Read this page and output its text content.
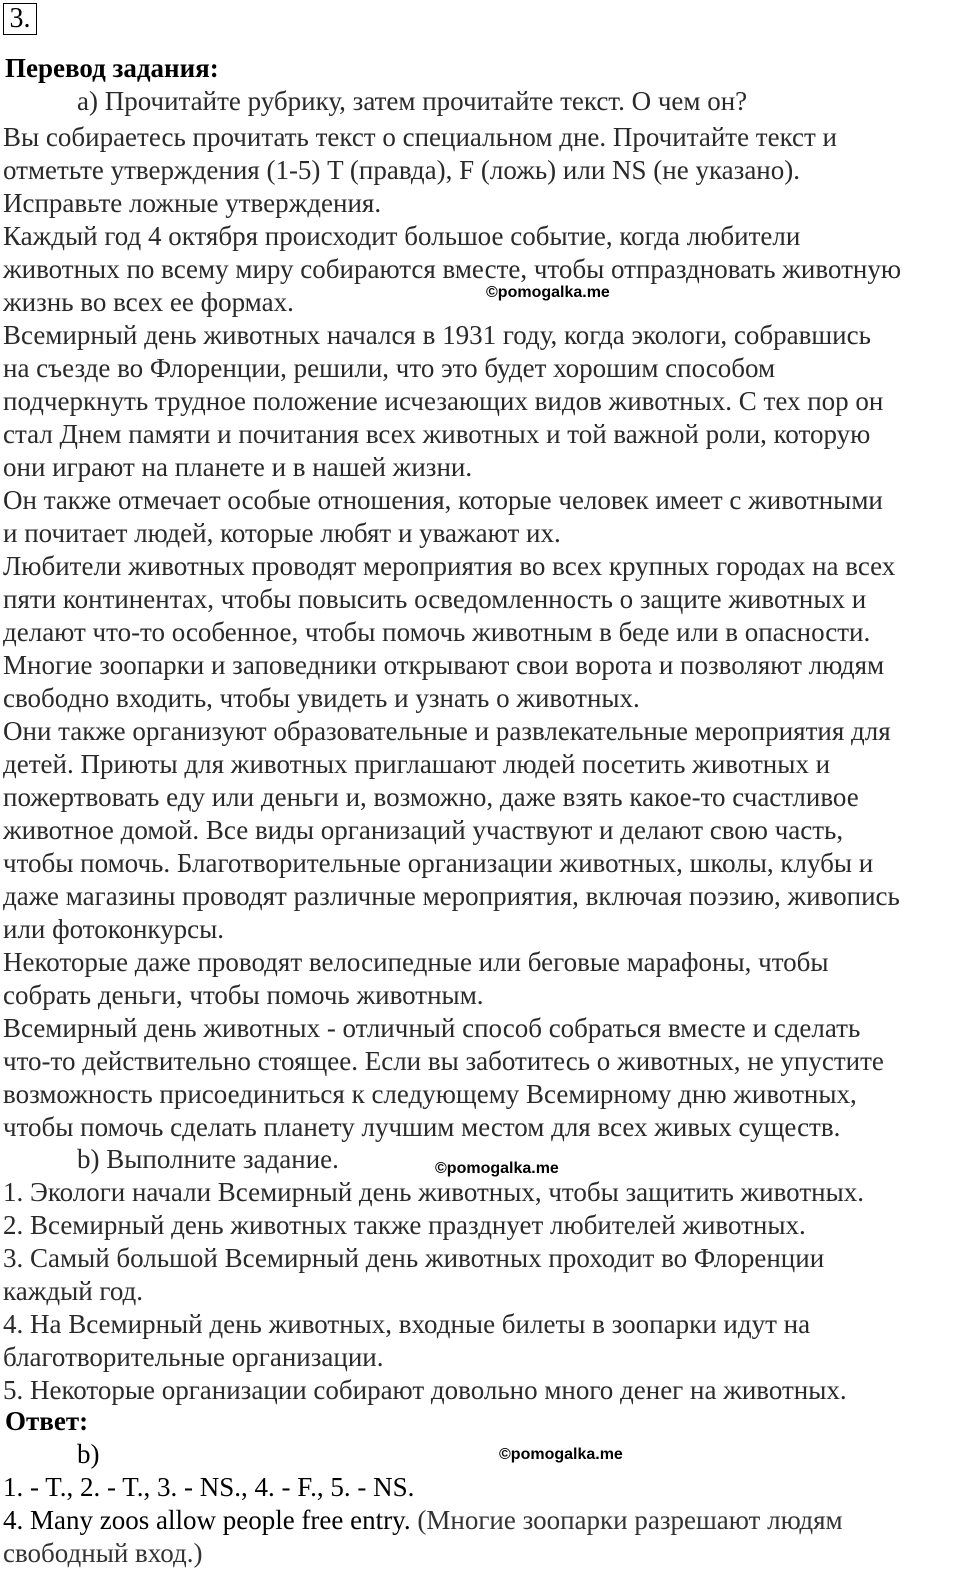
3.
Перевод задания:
а) Прочитайте рубрику, затем прочитайте текст. О чем он?
Вы собираетесь прочитать текст о специальном дне. Прочитайте текст и
отметьте утверждения (1-5) T (правда), F (ложь) или NS (не указано).
Исправьте ложные утверждения.
Каждый год 4 октября происходит большое событие, когда любители
животных по всему миру собираются вместе, чтобы отпраздновать животную
жизнь во всех ее формах.
Всемирный день животных начался в 1931 году, когда экологи, собравшись
на съезде во Флоренции, решили, что это будет хорошим способом
подчеркнуть трудное положение исчезающих видов животных. С тех пор он
стал Днем памяти и почитания всех животных и той важной роли, которую
они играют на планете и в нашей жизни.
Он также отмечает особые отношения, которые человек имеет с животными
и почитает людей, которые любят и уважают их.
Любители животных проводят мероприятия во всех крупных городах на всех
пяти континентах, чтобы повысить осведомленность о защите животных и
делают что-то особенное, чтобы помочь животным в беде или в опасности.
Многие зоопарки и заповедники открывают свои ворота и позволяют людям
свободно входить, чтобы увидеть и узнать о животных.
Они также организуют образовательные и развлекательные мероприятия для
детей. Приюты для животных приглашают людей посетить животных и
пожертвовать еду или деньги и, возможно, даже взять какое-то счастливое
животное домой. Все виды организаций участвуют и делают свою часть,
чтобы помочь. Благотворительные организации животных, школы, клубы и
даже магазины проводят различные мероприятия, включая поэзию, живопись
или фотоконкурсы.
Некоторые даже проводят велосипедные или беговые марафоны, чтобы
собрать деньги, чтобы помочь животным.
Всемирный день животных - отличный способ собраться вместе и сделать
что-то действительно стоящее. Если вы заботитесь о животных, не упустите
возможность присоединиться к следующему Всемирному дню животных,
чтобы помочь сделать планету лучшим местом для всех живых существ.
b) Выполните задание.
1. Экологи начали Всемирный день животных, чтобы защитить животных.
2. Всемирный день животных также празднует любителей животных.
3. Самый большой Всемирный день животных проходит во Флоренции
каждый год.
4. На Всемирный день животных, входные билеты в зоопарки идут на
благотворительные организации.
5. Некоторые организации собирают довольно много денег на животных.
Ответ:
b)
1. - T., 2. - T., 3. - NS., 4. - F., 5. - NS.
4. Many zoos allow people free entry. (Многие зоопарки разрешают людям
свободный вход.)
©pomogalka.me
©pomogalka.me
©pomogalka.me
